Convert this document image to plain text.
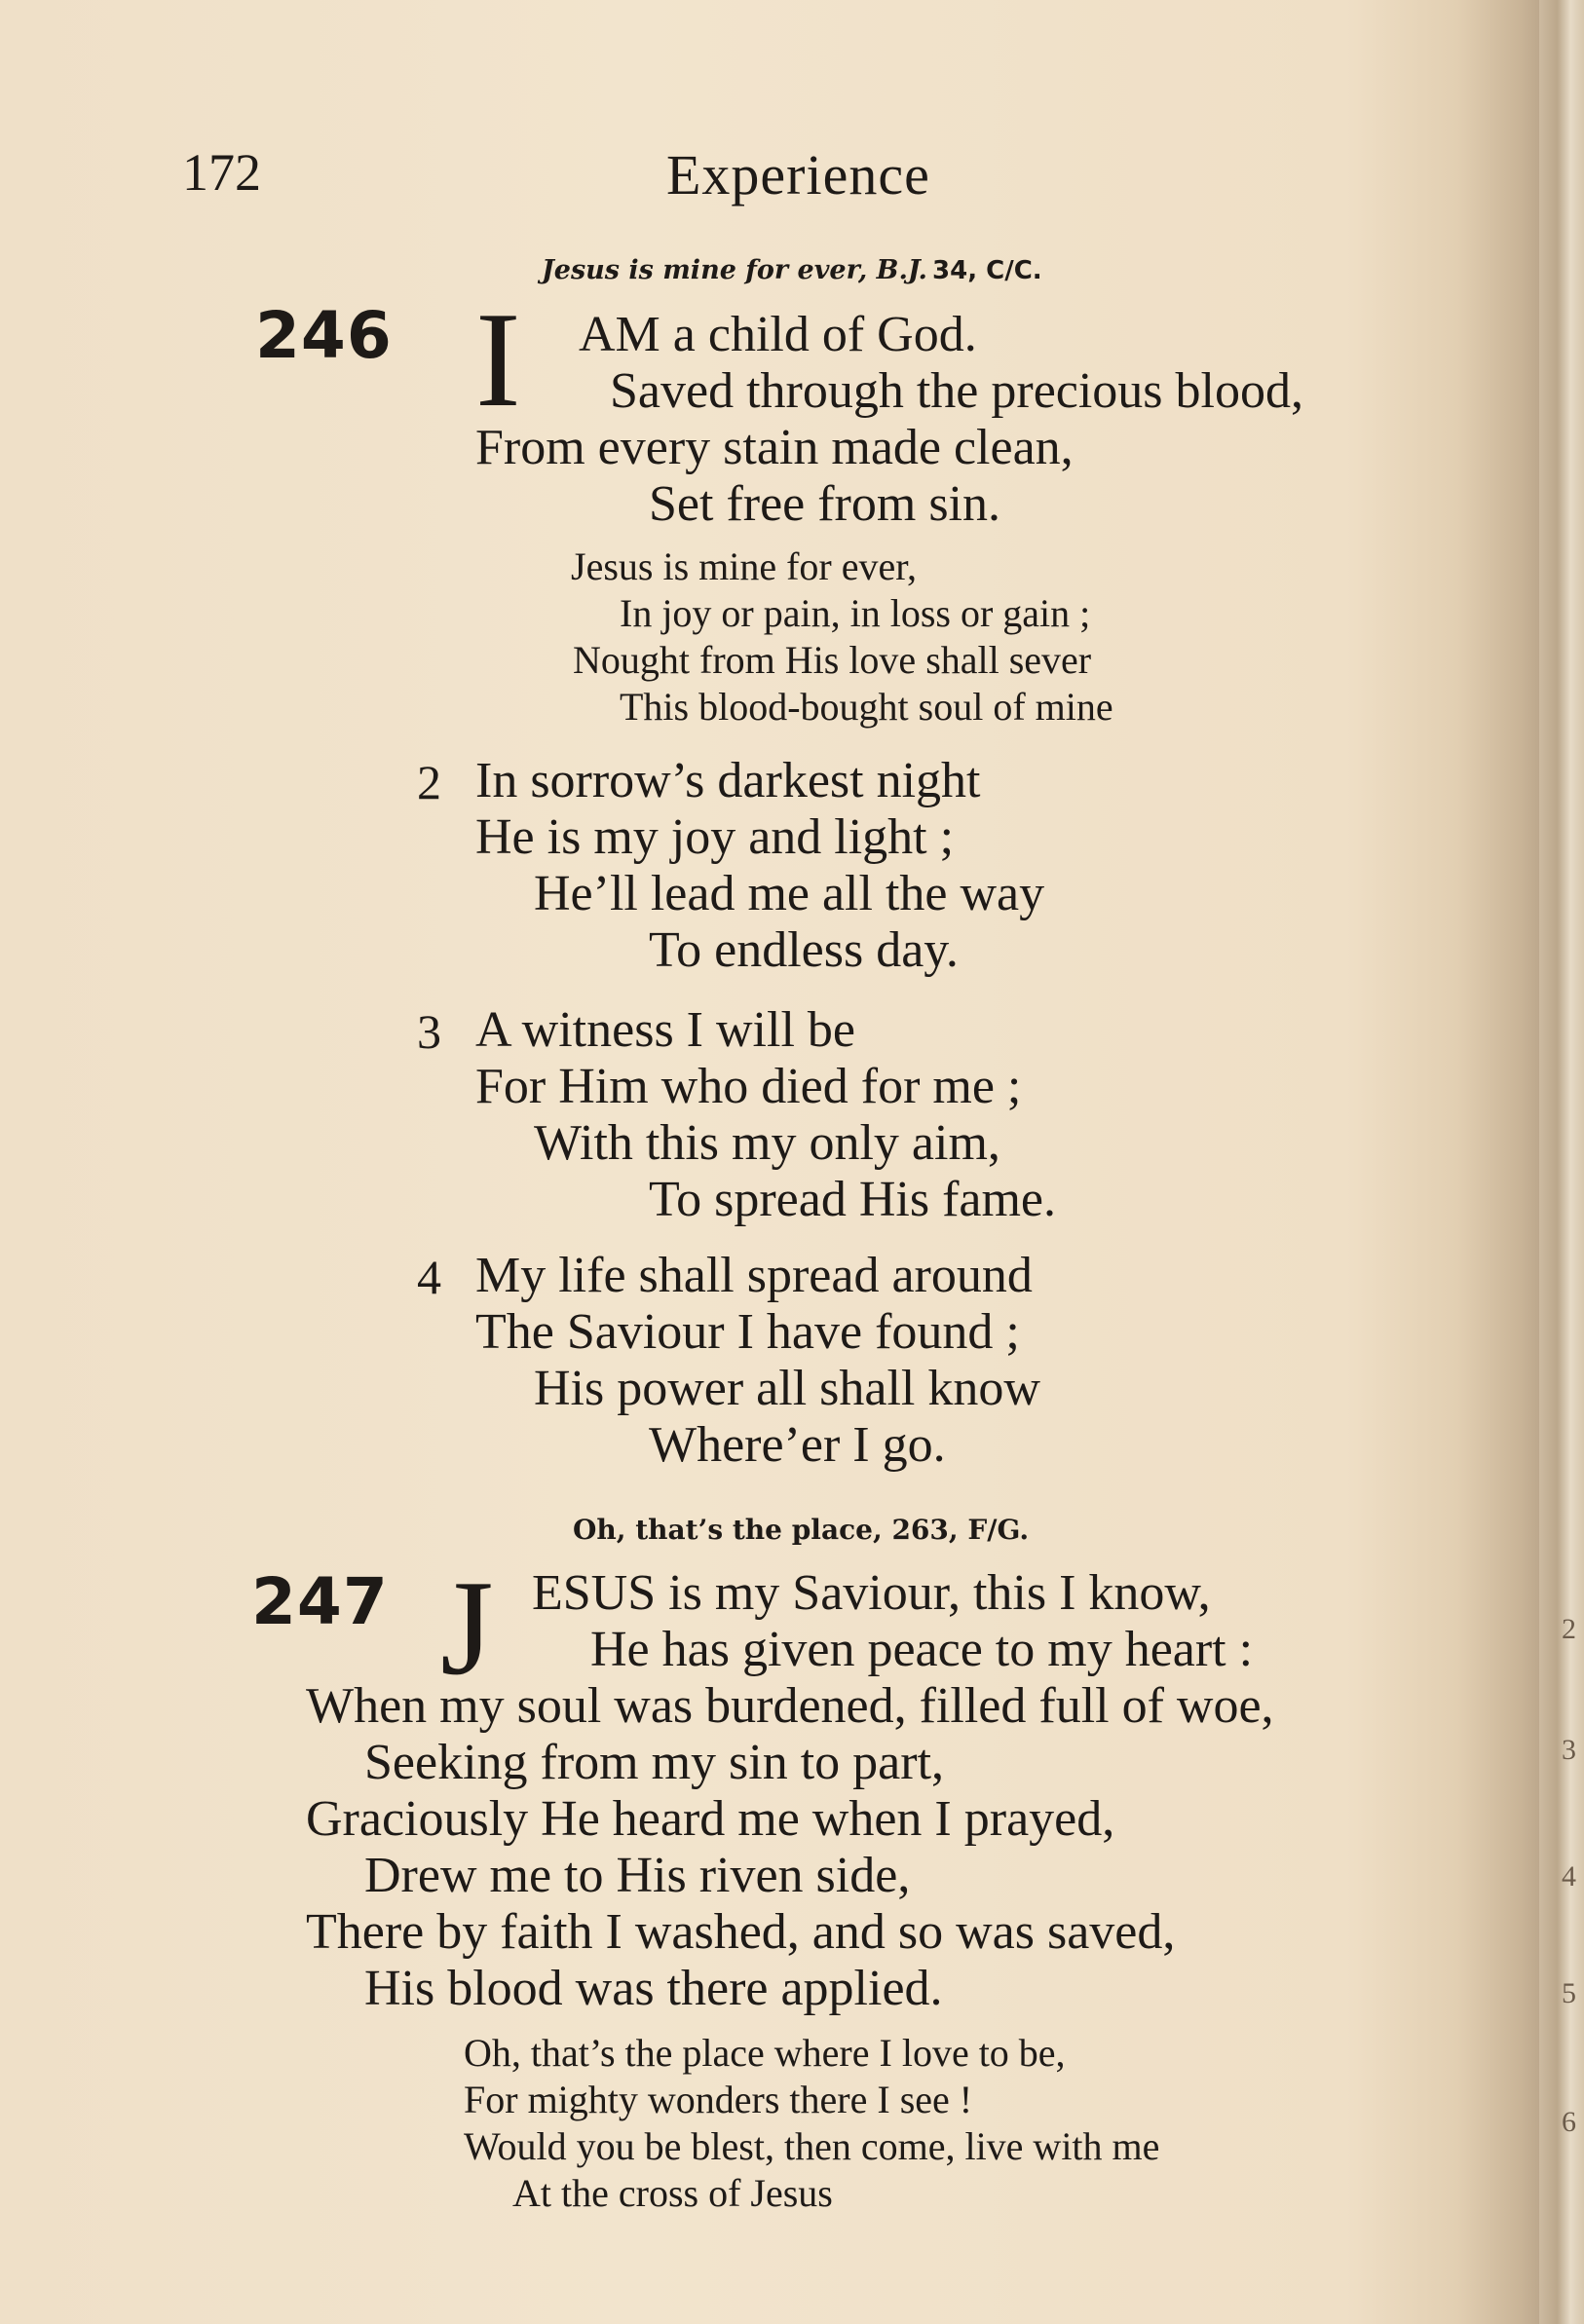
2
3
4
5
6
172	Experience
Jesus is mine for ever, B.J. 34, C/C.
246 I AM a child of God.
Saved through the precious blood,
From every stain made clean,
Set free from sin.
Jesus is mine for ever,
In joy or pain, in loss or gain ;
Nought from His love shall sever
This blood-bought soul of mine
2 In sorrow’s darkest night
He is my joy and light ;
He’ll lead me all the way
To endless day.
3 A witness I will be
For Him who died for me ;
With this my only aim,
To spread His fame.
4 My life shall spread around
The Saviour I have found ;
His power all shall know
Where’er I go.
Oh, that’s the place, 263, F/G.
247 J ESUS is my Saviour, this I know,
He has given peace to my heart :
When my soul was burdened, filled full of woe,
Seeking from my sin to part,
Graciously He heard me when I prayed,
Drew me to His riven side,
There by faith I washed, and so was saved,
His blood was there applied.
Oh, that’s the place where I love to be,
For mighty wonders there I see !
Would you be blest, then come, live with me
At the cross of Jesus
